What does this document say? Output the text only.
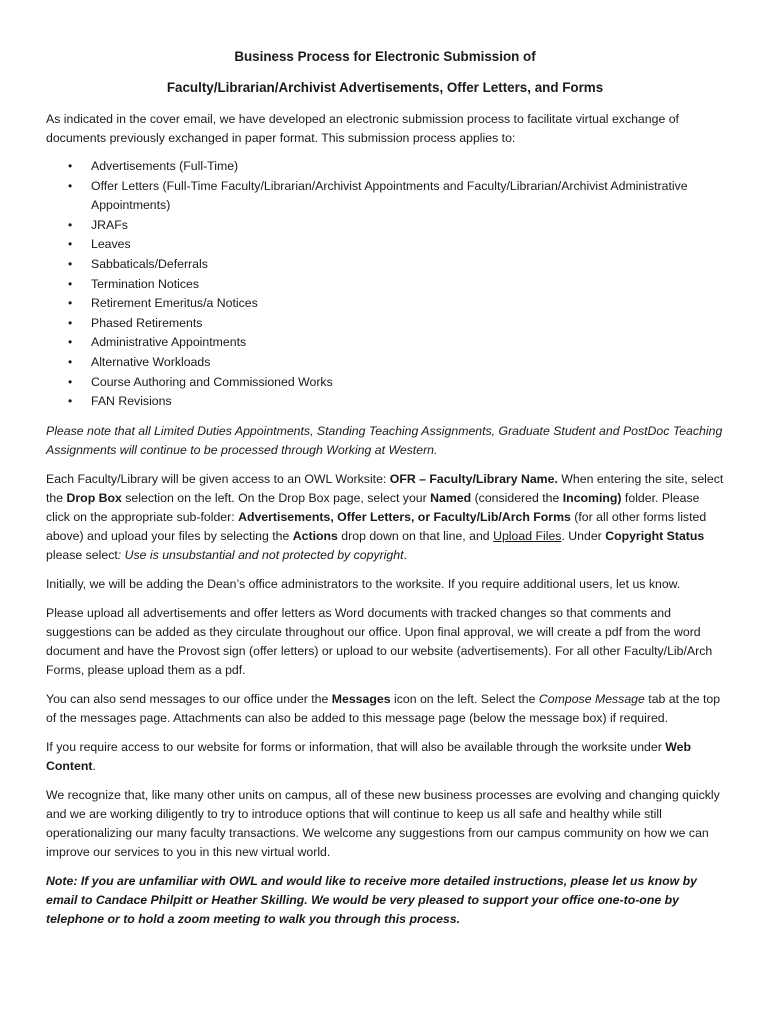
Business Process for Electronic Submission of
Faculty/Librarian/Archivist Advertisements, Offer Letters, and Forms

As indicated in the cover email, we have developed an electronic submission process to facilitate virtual exchange of documents previously exchanged in paper format. This submission process applies to:

• Advertisements (Full-Time)
• Offer Letters (Full-Time Faculty/Librarian/Archivist Appointments and Faculty/Librarian/Archivist Administrative Appointments)
• JRAFs
• Leaves
• Sabbaticals/Deferrals
• Termination Notices
• Retirement Emeritus/a Notices
• Phased Retirements
• Administrative Appointments
• Alternative Workloads
• Course Authoring and Commissioned Works
• FAN Revisions

Please note that all Limited Duties Appointments, Standing Teaching Assignments, Graduate Student and PostDoc Teaching Assignments will continue to be processed through Working at Western.

Each Faculty/Library will be given access to an OWL Worksite: OFR – Faculty/Library Name. When entering the site, select the Drop Box selection on the left. On the Drop Box page, select your Named (considered the Incoming) folder. Please click on the appropriate sub-folder: Advertisements, Offer Letters, or Faculty/Lib/Arch Forms (for all other forms listed above) and upload your files by selecting the Actions drop down on that line, and Upload Files. Under Copyright Status please select: Use is unsubstantial and not protected by copyright.

Initially, we will be adding the Dean’s office administrators to the worksite. If you require additional users, let us know.

Please upload all advertisements and offer letters as Word documents with tracked changes so that comments and suggestions can be added as they circulate throughout our office. Upon final approval, we will create a pdf from the word document and have the Provost sign (offer letters) or upload to our website (advertisements). For all other Faculty/Lib/Arch Forms, please upload them as a pdf.

You can also send messages to our office under the Messages icon on the left. Select the Compose Message tab at the top of the messages page. Attachments can also be added to this message page (below the message box) if required.

If you require access to our website for forms or information, that will also be available through the worksite under Web Content.

We recognize that, like many other units on campus, all of these new business processes are evolving and changing quickly and we are working diligently to try to introduce options that will continue to keep us all safe and healthy while still operationalizing our many faculty transactions. We welcome any suggestions from our campus community on how we can improve our services to you in this new virtual world.

Note: If you are unfamiliar with OWL and would like to receive more detailed instructions, please let us know by email to Candace Philpitt or Heather Skilling. We would be very pleased to support your office one-to-one by telephone or to hold a zoom meeting to walk you through this process.
